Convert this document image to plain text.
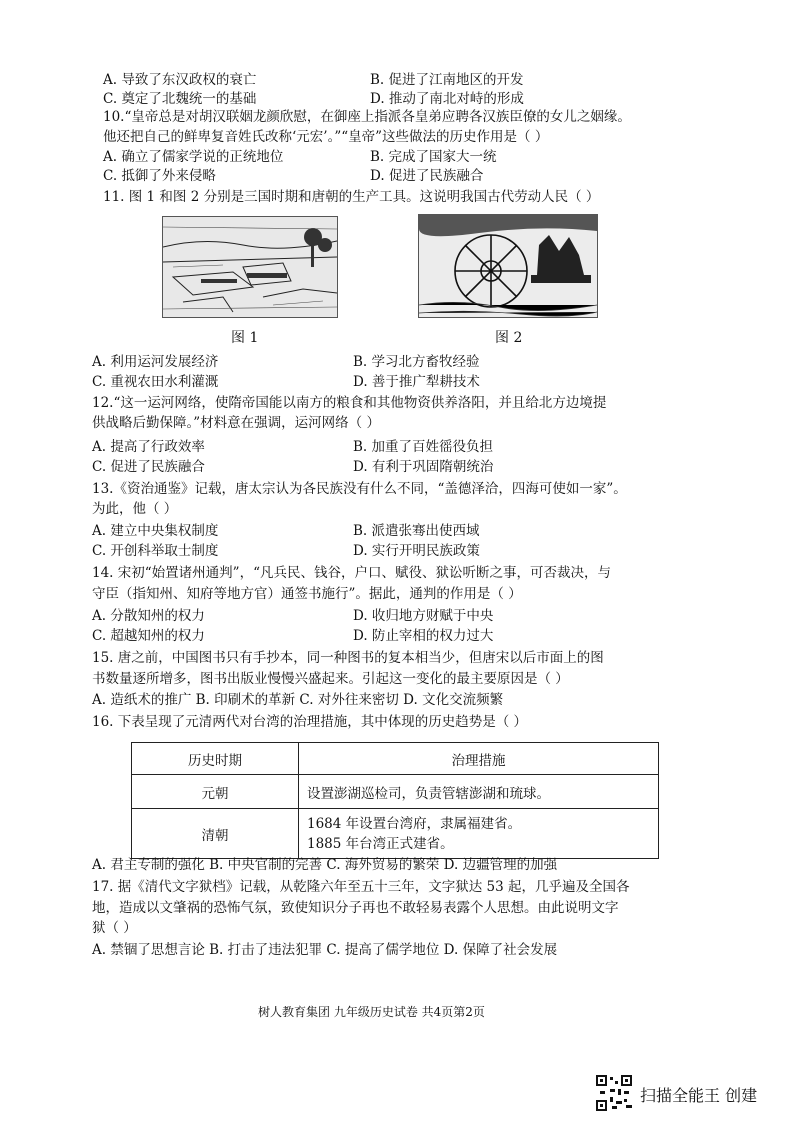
A. 导致了东汉政权的衰亡	B. 促进了江南地区的开发
C. 奠定了北魏统一的基础	D. 推动了南北对峙的形成
10.“皇帝总是对胡汉联姻龙颜欣慰，在御座上指派各皇弟应聘各汉族臣僚的女儿之姻缘。
他还把自己的鲜卑复音姓氏改称‘元宏’。”“皇帝”这些做法的历史作用是（ ）
A. 确立了儒家学说的正统地位	B. 完成了国家大一统
C. 抵御了外来侵略	D. 促进了民族融合
11. 图 1 和图 2 分别是三国时期和唐朝的生产工具。这说明我国古代劳动人民（ ）
图 1	图 2
A. 利用运河发展经济	B. 学习北方畜牧经验
C. 重视农田水利灌溉	D. 善于推广犁耕技术
12.“这一运河网络，使隋帝国能以南方的粮食和其他物资供养洛阳，并且给北方边境提
供战略后勤保障。”材料意在强调，运河网络（ ）
A. 提高了行政效率	B. 加重了百姓徭役负担
C. 促进了民族融合	D. 有利于巩固隋朝统治
13.《资治通鉴》记载，唐太宗认为各民族没有什么不同，“盖德泽洽，四海可使如一家”。
为此，他（ ）
A. 建立中央集权制度	B. 派遣张骞出使西域
C. 开创科举取士制度	D. 实行开明民族政策
14. 宋初“始置诸州通判”，“凡兵民、钱谷，户口、赋役、狱讼听断之事，可否裁决，与
守臣（指知州、知府等地方官）通签书施行”。据此，通判的作用是（ ）
A. 分散知州的权力	D. 收归地方财赋于中央
C. 超越知州的权力	D. 防止宰相的权力过大
15. 唐之前，中国图书只有手抄本，同一种图书的复本相当少，但唐宋以后市面上的图
书数量逐所增多，图书出版业慢慢兴盛起来。引起这一变化的最主要原因是（ ）
A. 造纸术的推广 B. 印刷术的革新 C. 对外往来密切 D. 文化交流频繁
16. 下表呈现了元清两代对台湾的治理措施，其中体现的历史趋势是（ ）
历史时期	治理措施
元朝	设置澎湖巡检司，负责管辖澎湖和琉球。
清朝	1684 年设置台湾府，隶属福建省。
1885 年台湾正式建省。
A. 君主专制的强化 B. 中央官制的完善 C. 海外贸易的繁荣 D. 边疆管理的加强
17. 据《清代文字狱档》记载，从乾隆六年至五十三年，文字狱达 53 起，几乎遍及全国各
地，造成以文肇祸的恐怖气氛，致使知识分子再也不敢轻易表露个人思想。由此说明文字
狱（ ）
A. 禁锢了思想言论 B. 打击了违法犯罪 C. 提高了儒学地位 D. 保障了社会发展
树人教育集团 九年级历史试卷 共4页第2页
扫描全能王 创建
